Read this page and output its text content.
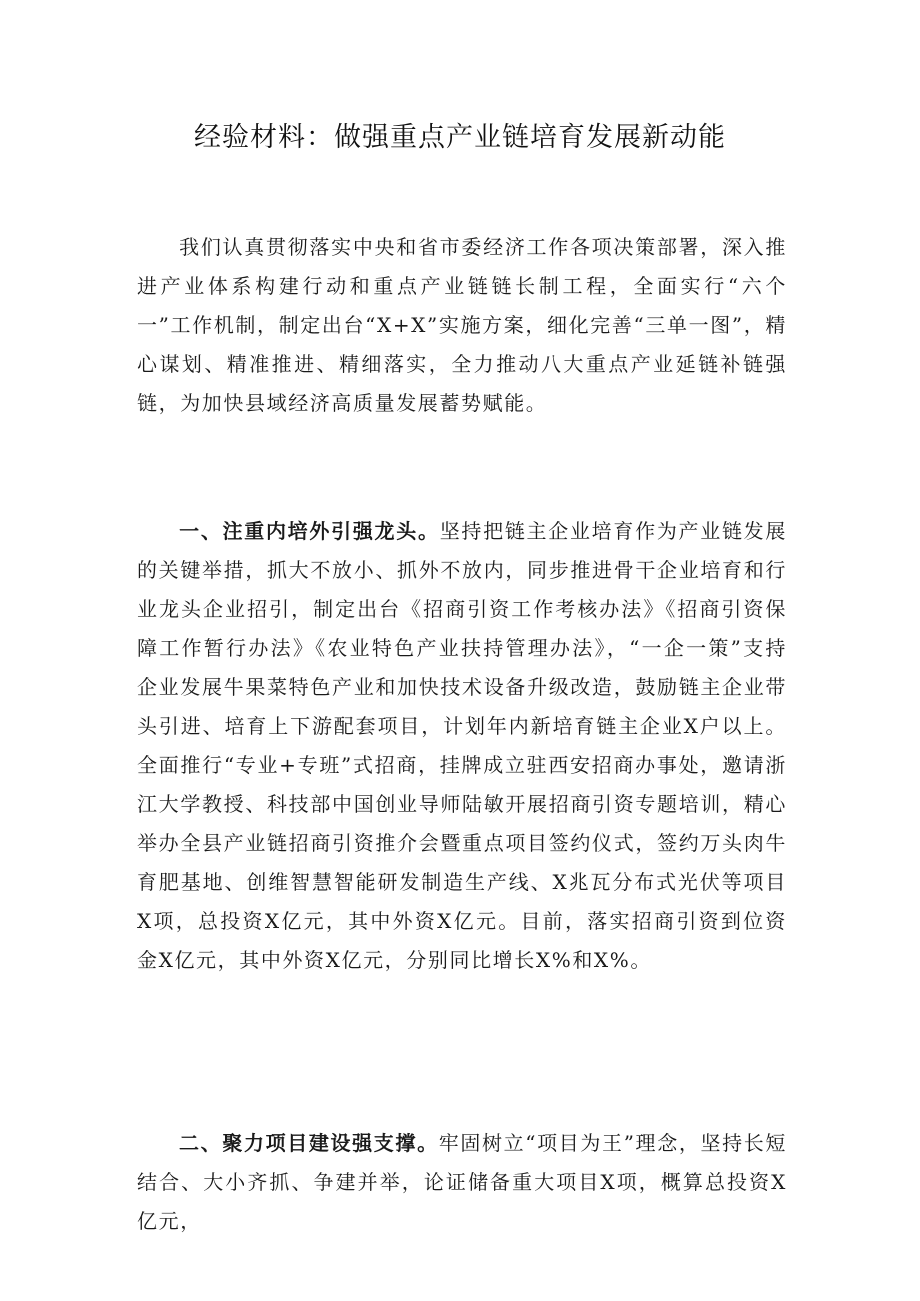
经验材料：做强重点产业链培育发展新动能

我们认真贯彻落实中央和省市委经济工作各项决策部署，深入推进产业体系构建行动和重点产业链链长制工程，全面实行“六个一”工作机制，制定出台“X+X”实施方案，细化完善“三单一图”，精心谋划、精准推进、精细落实，全力推动八大重点产业延链补链强链，为加快县域经济高质量发展蓄势赋能。

一、注重内培外引强龙头。坚持把链主企业培育作为产业链发展的关键举措，抓大不放小、抓外不放内，同步推进骨干企业培育和行业龙头企业招引，制定出台《招商引资工作考核办法》《招商引资保障工作暂行办法》《农业特色产业扶持管理办法》，“一企一策”支持企业发展牛果菜特色产业和加快技术设备升级改造，鼓励链主企业带头引进、培育上下游配套项目，计划年内新培育链主企业X户以上。全面推行“专业+专班”式招商，挂牌成立驻西安招商办事处，邀请浙江大学教授、科技部中国创业导师陆敏开展招商引资专题培训，精心举办全县产业链招商引资推介会暨重点项目签约仪式，签约万头肉牛育肥基地、创维智慧智能研发制造生产线、X兆瓦分布式光伏等项目X项，总投资X亿元，其中外资X亿元。目前，落实招商引资到位资金X亿元，其中外资X亿元，分别同比增长X%和X%。

二、聚力项目建设强支撑。牢固树立“项目为王”理念，坚持长短结合、大小齐抓、争建并举，论证储备重大项目X项，概算总投资X亿元，
